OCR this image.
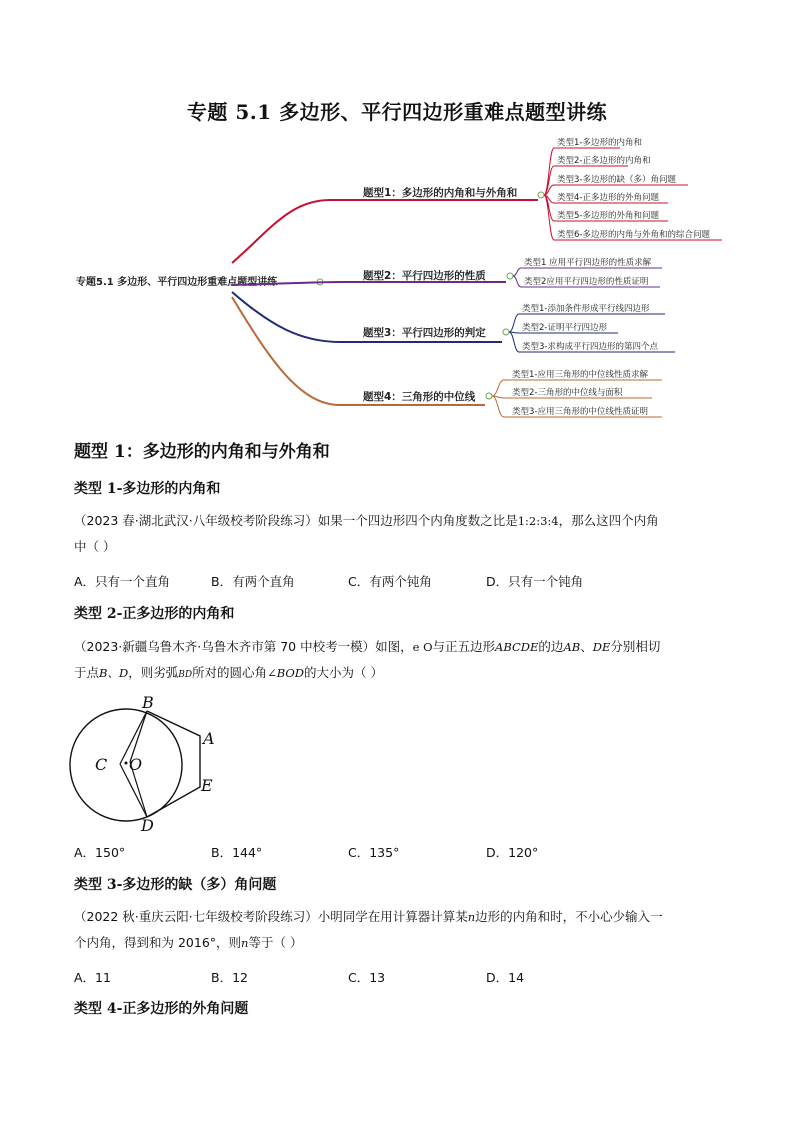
专题 5.1 多边形、平行四边形重难点题型讲练
专题5.1 多边形、平行四边形重难点题型讲练
题型1：多边形的内角和与外角和
类型1-多边形的内角和
类型2-正多边形的内角和
类型3-多边形的缺（多）角问题
类型4-正多边形的外角问题
类型5-多边形的外角和问题
类型6-多边形的内角与外角和的综合问题
题型2：平行四边形的性质
类型1 应用平行四边形的性质求解
类型2应用平行四边形的性质证明
题型3：平行四边形的判定
类型1-添加条件形成平行线四边形
类型2-证明平行四边形
类型3-求构成平行四边形的第四个点
题型4：三角形的中位线
类型1-应用三角形的中位线性质求解
类型2-三角形的中位线与面积
类型3-应用三角形的中位线性质证明
题型 1：多边形的内角和与外角和
类型 1-多边形的内角和
（2023 春·湖北武汉·八年级校考阶段练习）如果一个四边形四个内角度数之比是1:2:3:4，那么这四个内角
中（ ）
A．只有一个直角	B．有两个直角	C．有两个钝角	D．只有一个钝角
类型 2-正多边形的内角和
（2023·新疆乌鲁木齐·乌鲁木齐市第 70 中校考一模）如图，e O与正五边形ABCDE的边AB、DE分别相切
于点B、D，则劣弧BD所对的圆心角∠BOD的大小为（ ）
B
A
C O
E
D
A．150°	B．144°	C．135°	D．120°
类型 3-多边形的缺（多）角问题
（2022 秋·重庆云阳·七年级校考阶段练习）小明同学在用计算器计算某n边形的内角和时，不小心少输入一
个内角，得到和为 2016°，则n等于（ ）
A．11	B．12	C．13	D．14
类型 4-正多边形的外角问题
